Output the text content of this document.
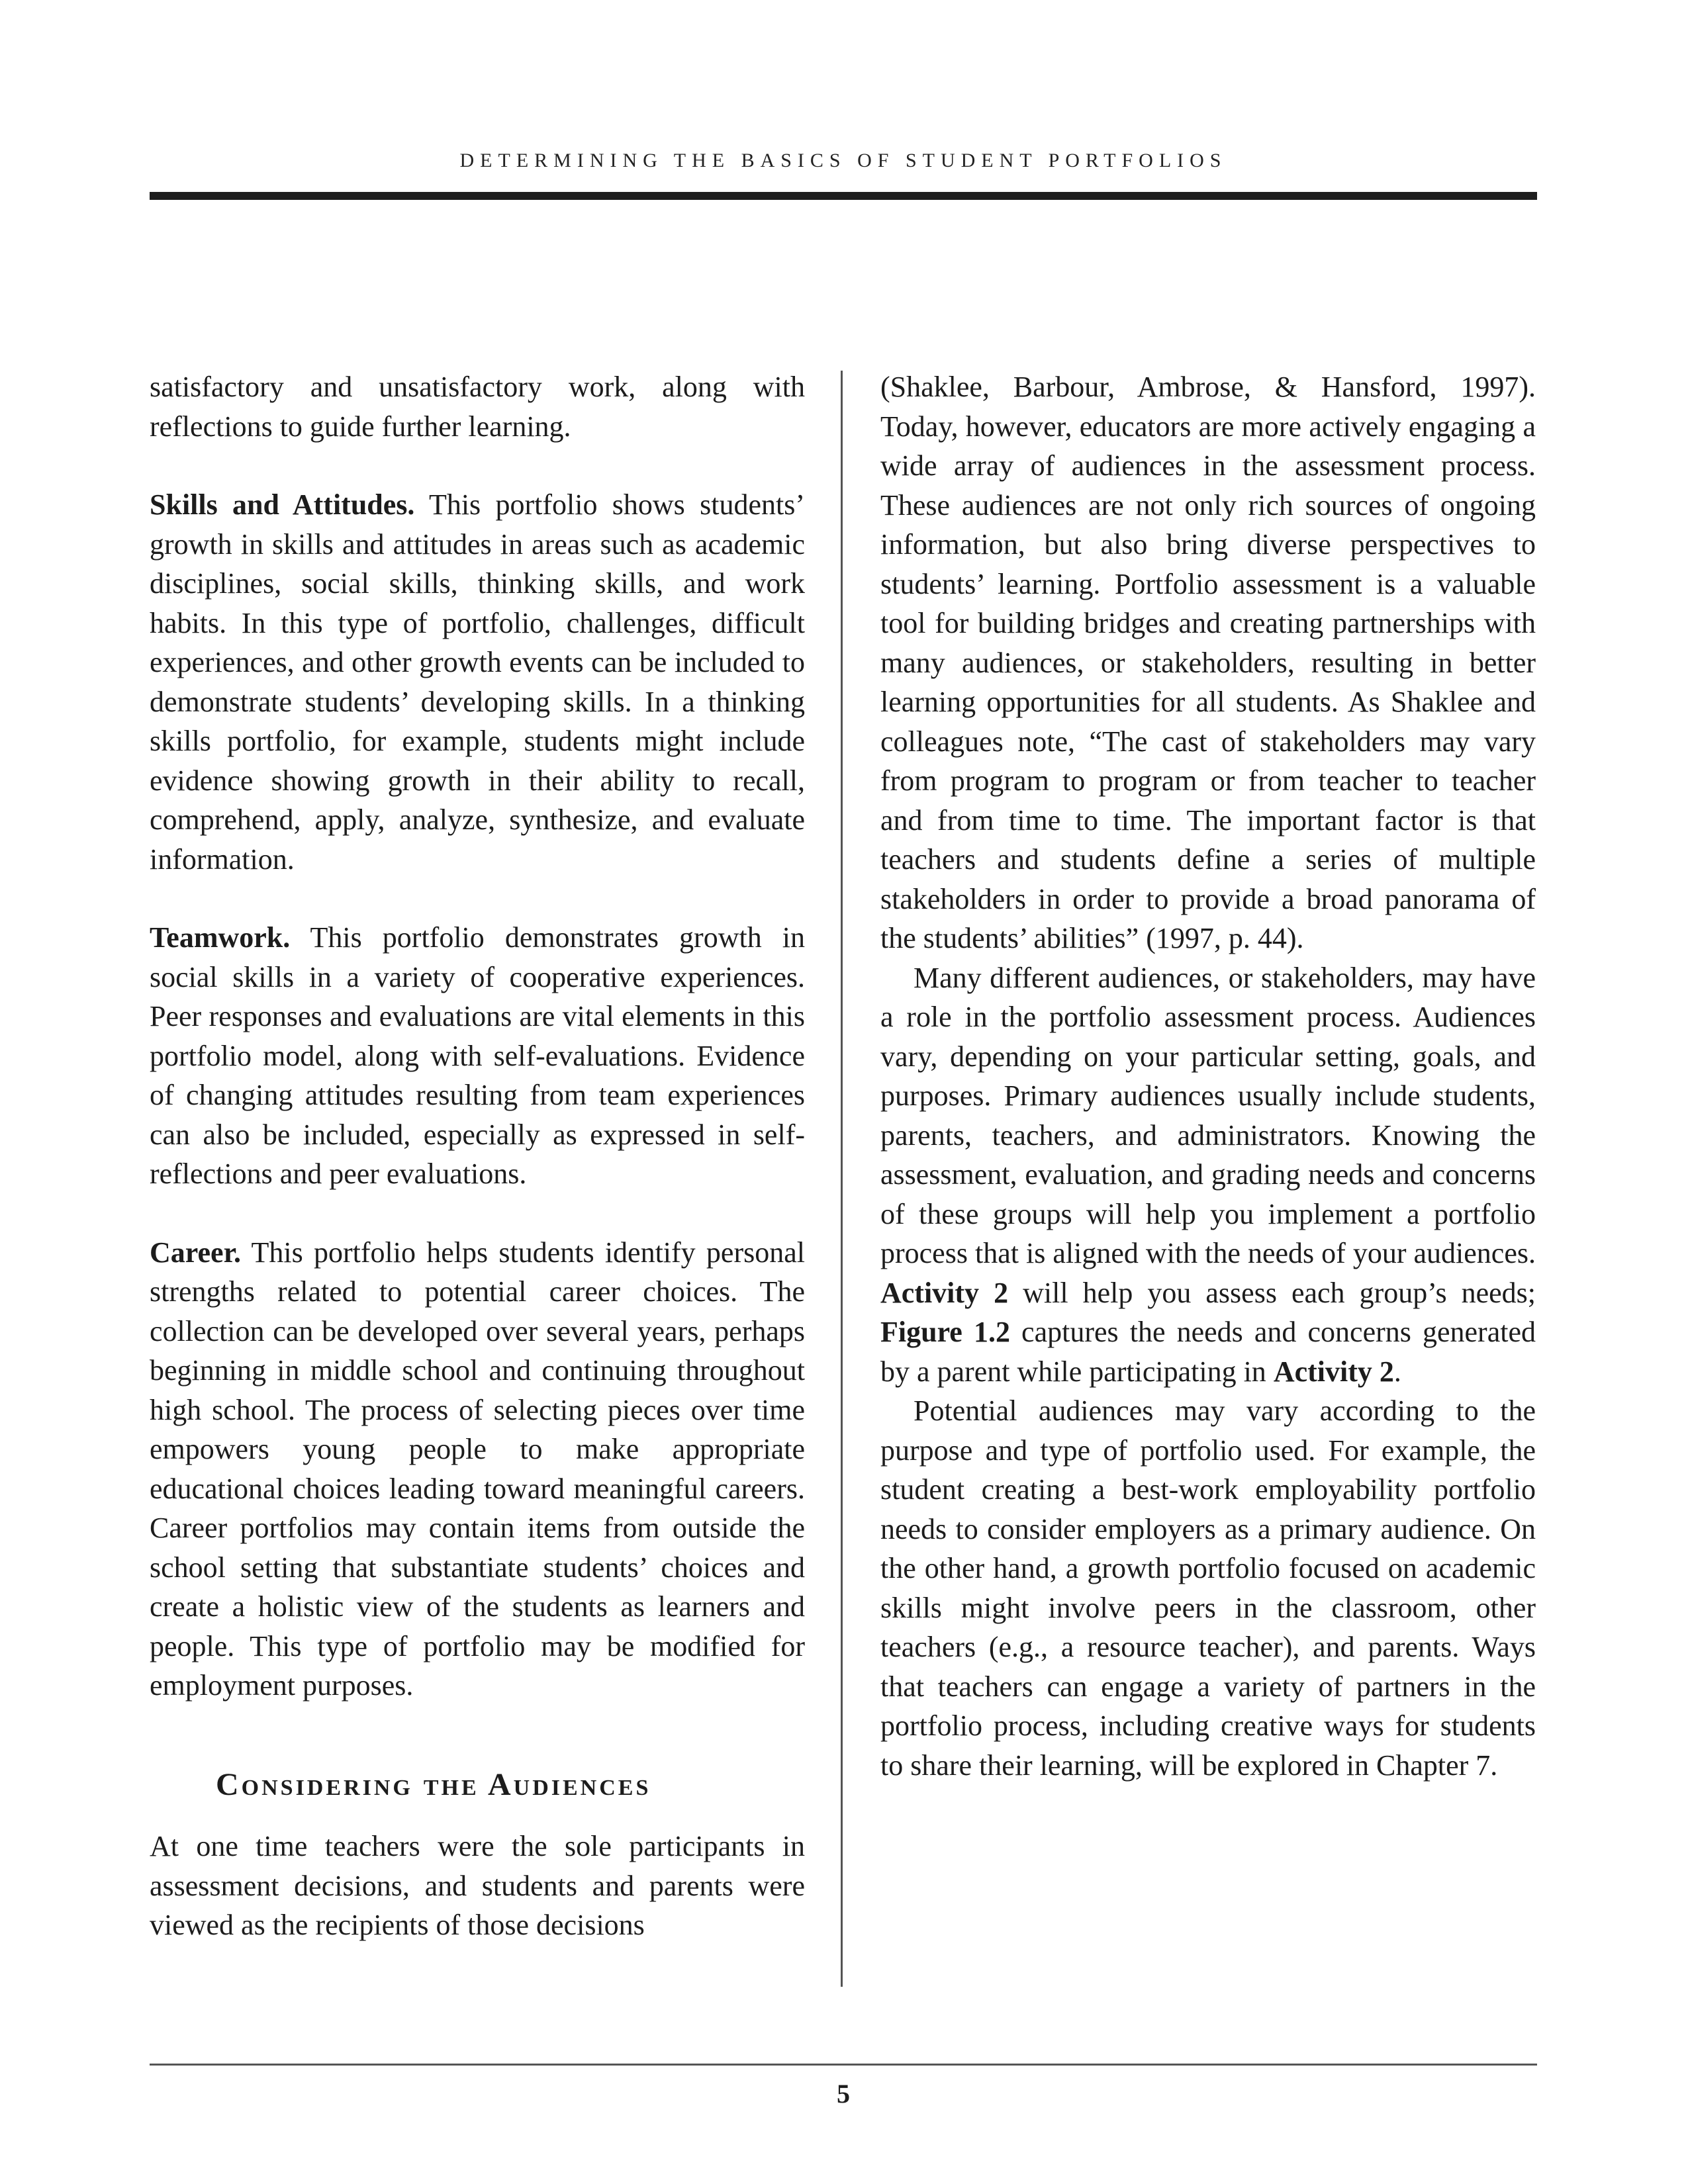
DETERMINING THE BASICS OF STUDENT PORTFOLIOS

satisfactory and unsatisfactory work, along with reflections to guide further learning.

Skills and Attitudes. This portfolio shows students’ growth in skills and attitudes in areas such as academic disciplines, social skills, thinking skills, and work habits. In this type of portfolio, challenges, difficult experiences, and other growth events can be included to demonstrate students’ developing skills. In a thinking skills portfolio, for example, students might include evidence showing growth in their ability to recall, comprehend, apply, analyze, synthesize, and evaluate information.

Teamwork. This portfolio demonstrates growth in social skills in a variety of cooperative experiences. Peer responses and evaluations are vital elements in this portfolio model, along with self-evaluations. Evidence of changing attitudes resulting from team experiences can also be included, especially as expressed in self-reflections and peer evaluations.

Career. This portfolio helps students identify personal strengths related to potential career choices. The collection can be developed over several years, perhaps beginning in middle school and continuing throughout high school. The process of selecting pieces over time empowers young people to make appropriate educational choices leading toward meaningful careers. Career portfolios may contain items from outside the school setting that substantiate students’ choices and create a holistic view of the students as learners and people. This type of portfolio may be modified for employment purposes.

Considering the Audiences

At one time teachers were the sole participants in assessment decisions, and students and parents were viewed as the recipients of those decisions

(Shaklee, Barbour, Ambrose, & Hansford, 1997). Today, however, educators are more actively engaging a wide array of audiences in the assessment process. These audiences are not only rich sources of ongoing information, but also bring diverse perspectives to students’ learning. Portfolio assessment is a valuable tool for building bridges and creating partnerships with many audiences, or stakeholders, resulting in better learning opportunities for all students. As Shaklee and colleagues note, “The cast of stakeholders may vary from program to program or from teacher to teacher and from time to time. The important factor is that teachers and students define a series of multiple stakeholders in order to provide a broad panorama of the students’ abilities” (1997, p. 44).

Many different audiences, or stakeholders, may have a role in the portfolio assessment process. Audiences vary, depending on your particular setting, goals, and purposes. Primary audiences usually include students, parents, teachers, and administrators. Knowing the assessment, evaluation, and grading needs and concerns of these groups will help you implement a portfolio process that is aligned with the needs of your audiences. Activity 2 will help you assess each group’s needs; Figure 1.2 captures the needs and concerns generated by a parent while participating in Activity 2.

Potential audiences may vary according to the purpose and type of portfolio used. For example, the student creating a best-work employability portfolio needs to consider employers as a primary audience. On the other hand, a growth portfolio focused on academic skills might involve peers in the classroom, other teachers (e.g., a resource teacher), and parents. Ways that teachers can engage a variety of partners in the portfolio process, including creative ways for students to share their learning, will be explored in Chapter 7.

5
